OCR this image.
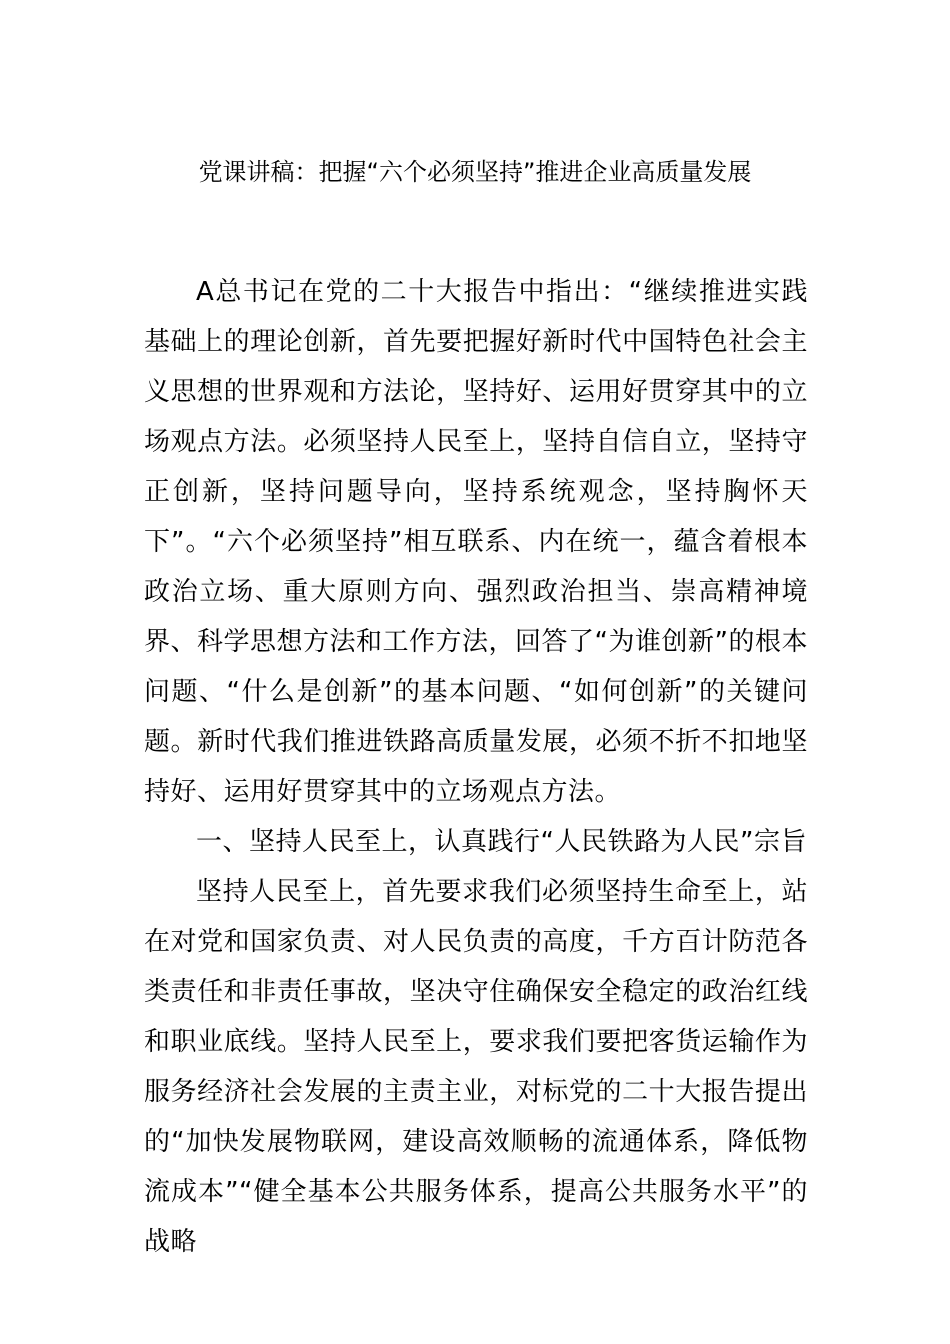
党课讲稿：把握“六个必须坚持”推进企业高质量发展

A总书记在党的二十大报告中指出：“继续推进实践基础上的理论创新，首先要把握好新时代中国特色社会主义思想的世界观和方法论，坚持好、运用好贯穿其中的立场观点方法。必须坚持人民至上，坚持自信自立，坚持守正创新，坚持问题导向，坚持系统观念，坚持胸怀天下”。“六个必须坚持”相互联系、内在统一，蕴含着根本政治立场、重大原则方向、强烈政治担当、崇高精神境界、科学思想方法和工作方法，回答了“为谁创新”的根本问题、“什么是创新”的基本问题、“如何创新”的关键问题。新时代我们推进铁路高质量发展，必须不折不扣地坚持好、运用好贯穿其中的立场观点方法。

一、坚持人民至上，认真践行“人民铁路为人民”宗旨

坚持人民至上，首先要求我们必须坚持生命至上，站在对党和国家负责、对人民负责的高度，千方百计防范各类责任和非责任事故，坚决守住确保安全稳定的政治红线和职业底线。坚持人民至上，要求我们要把客货运输作为服务经济社会发展的主责主业，对标党的二十大报告提出的“加快发展物联网，建设高效顺畅的流通体系，降低物流成本”“健全基本公共服务体系，提高公共服务水平”的战略
